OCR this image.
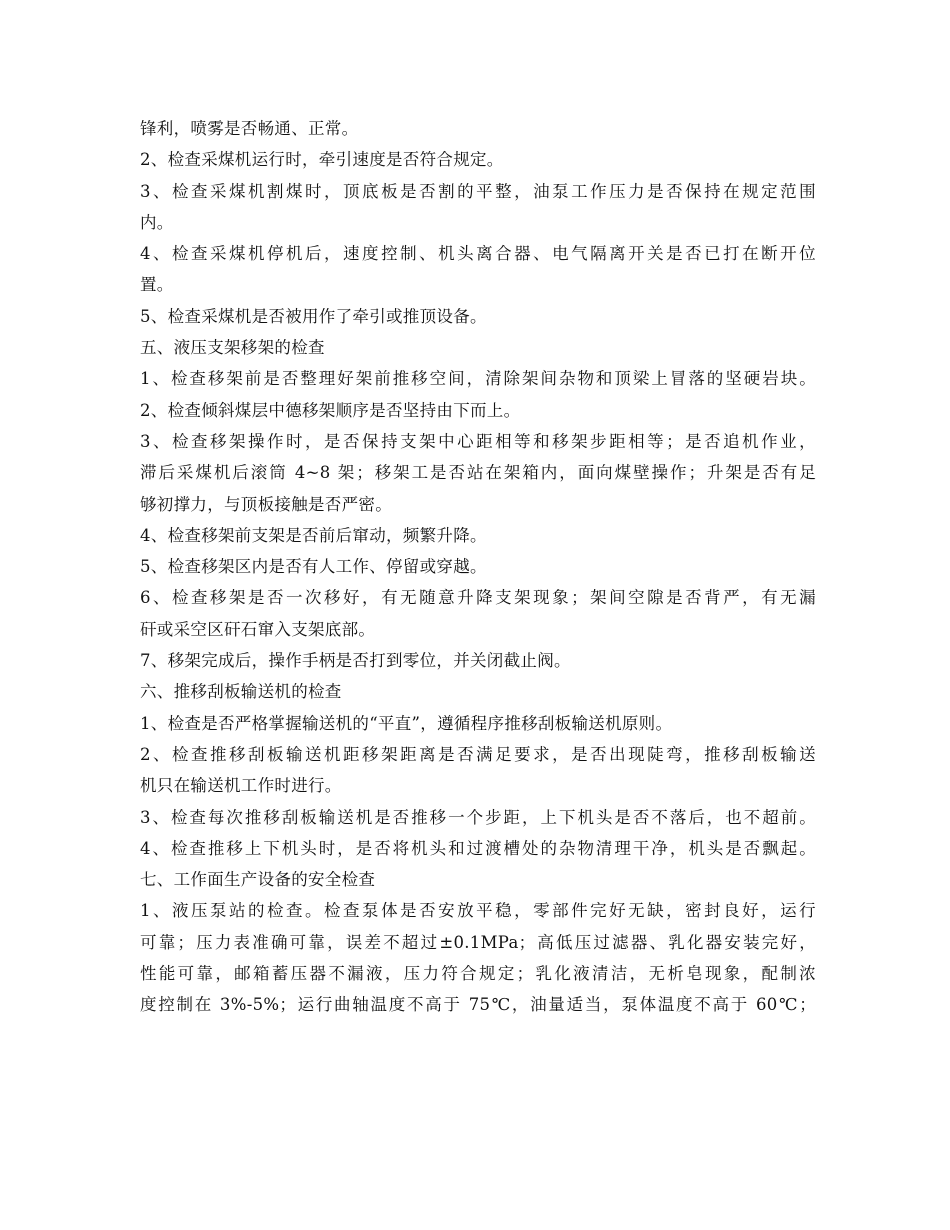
锋利，喷雾是否畅通、正常。
2、检查采煤机运行时，牵引速度是否符合规定。
3、检查采煤机割煤时，顶底板是否割的平整，油泵工作压力是否保持在规定范围
内。
4、检查采煤机停机后，速度控制、机头离合器、电气隔离开关是否已打在断开位
置。
5、检查采煤机是否被用作了牵引或推顶设备。
五、液压支架移架的检查
1、检查移架前是否整理好架前推移空间，清除架间杂物和顶梁上冒落的坚硬岩块。
2、检查倾斜煤层中德移架顺序是否坚持由下而上。
3、检查移架操作时，是否保持支架中心距相等和移架步距相等；是否追机作业，
滞后采煤机后滚筒 4~8 架；移架工是否站在架箱内，面向煤壁操作；升架是否有足
够初撑力，与顶板接触是否严密。
4、检查移架前支架是否前后窜动，频繁升降。
5、检查移架区内是否有人工作、停留或穿越。
6、检查移架是否一次移好，有无随意升降支架现象；架间空隙是否背严，有无漏
矸或采空区矸石窜入支架底部。
7、移架完成后，操作手柄是否打到零位，并关闭截止阀。
六、推移刮板输送机的检查
1、检查是否严格掌握输送机的“平直”，遵循程序推移刮板输送机原则。
2、检查推移刮板输送机距移架距离是否满足要求，是否出现陡弯，推移刮板输送
机只在输送机工作时进行。
3、检查每次推移刮板输送机是否推移一个步距，上下机头是否不落后，也不超前。
4、检查推移上下机头时，是否将机头和过渡槽处的杂物清理干净，机头是否飘起。
七、工作面生产设备的安全检查
1、液压泵站的检查。检查泵体是否安放平稳，零部件完好无缺，密封良好，运行
可靠；压力表准确可靠，误差不超过±0.1MPa；高低压过滤器、乳化器安装完好，
性能可靠，邮箱蓄压器不漏液，压力符合规定；乳化液清洁，无析皂现象，配制浓
度控制在 3%-5%；运行曲轴温度不高于 75℃，油量适当，泵体温度不高于 60℃；
